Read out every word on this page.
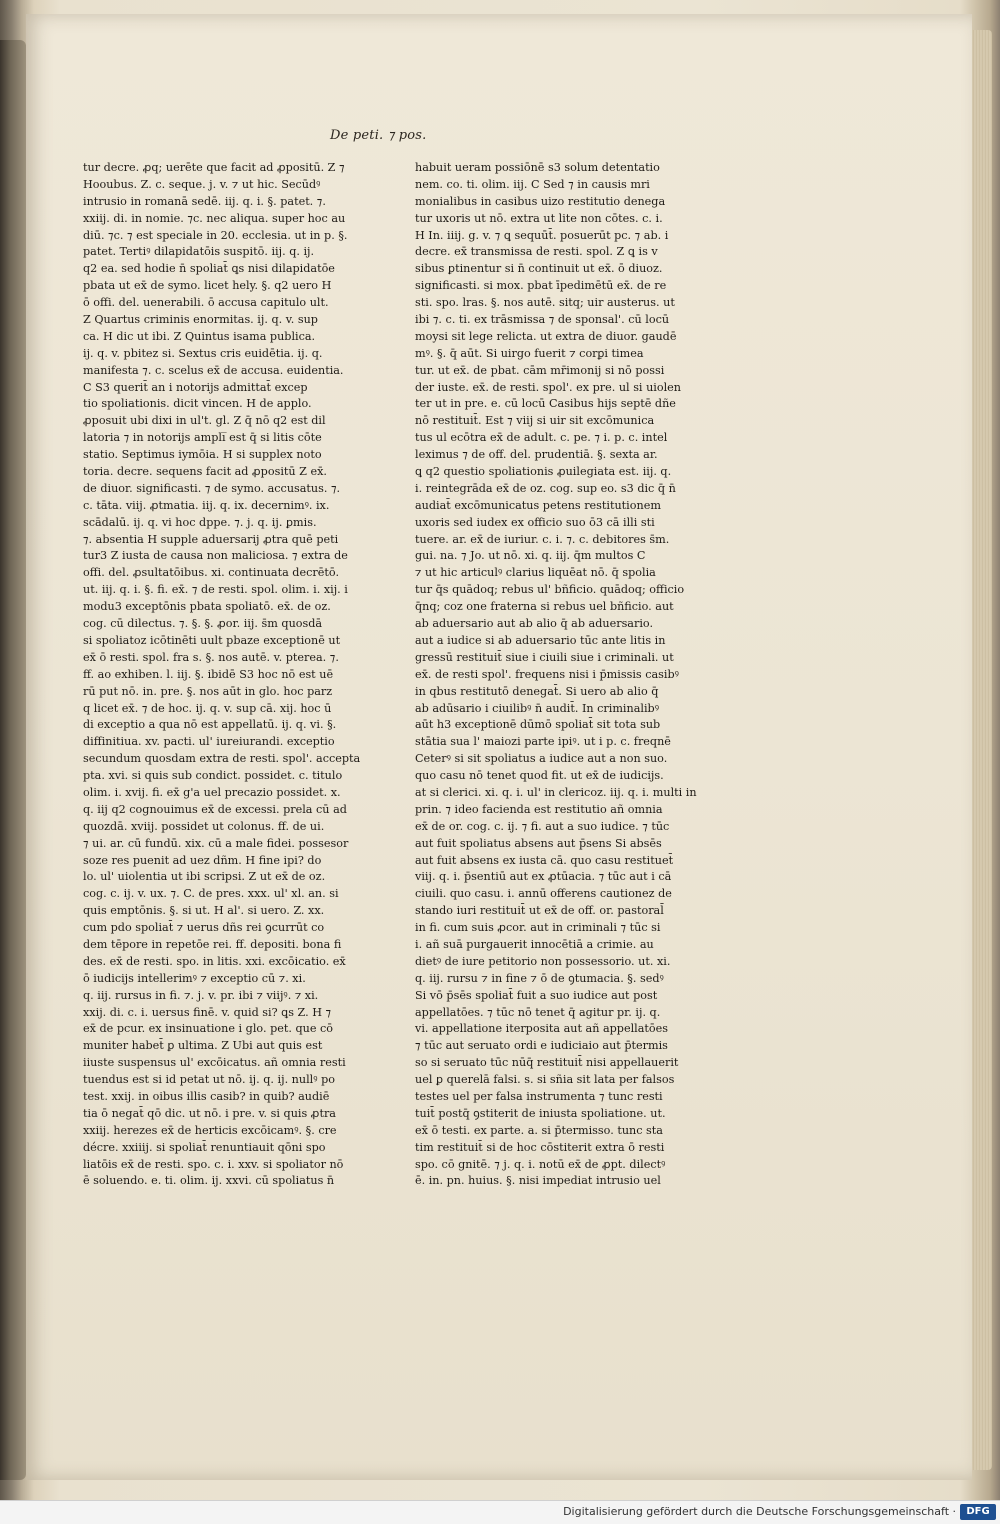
De peti. ⁊ pos.
tur decre. ꝓq; uerēte que facit ad ꝓpositū. Z ⁊
Hooubus. Z. c. seque. j. v. ⁊ ut hic. Secūdꝰ
intrusio in romanā sedē. iij. q. i. §. patet. ⁊.
xxiij. di. in nomie. ⁊c. nec aliqua. super hoc au
diū. ⁊c. ⁊ est speciale in 20. ecclesia. ut in p. §.
patet. Tertiꝰ dilapidatōis suspitō. iij. q. ij.
q2 ea. sed hodie n̄ spoliat̄ ꝗs nisi dilapidatōe
pbata ut ex̄ de symo. licet hely. §. q2 uero H
ō offi. del. uenerabili. ō accusa capitulo ult.
Z Quartus criminis enormitas. ij. q. v. sup
ca. H dic ut ibi. Z Quintus isama publica.
ij. q. v. pbitez si. Sextus cris euidētia. ij. q.
manifesta ⁊. c. scelus ex̄ de accusa. euidentia.
C S3 querit̄ an i notorijs admittat̄ excep
tio spoliationis. dicit vincen. H de applo.
ꝓposuit ubi dixi in ul't. gl. Z q̄ nō q2 est dil
latoria ⁊ in notorijs ampli̅ est q̄ si litis cōte
statio. Septimus iymōia. H si supplex noto
toria. decre. sequens facit ad ꝓpositū Z ex̄.
de diuor. significasti. ⁊ de symo. accusatus. ⁊.
c. tāta. viij. ꝓtmatia. iij. q. ix. decernimꝰ. ix.
scādalū. ij. q. vi hoc dppe. ⁊. j. q. ij. ꝑmis.
⁊. absentia H supple aduersarij ꝓtra quē peti
tur3 Z iusta de causa non maliciosa. ⁊ extra de
offi. del. ꝓsultatōibus. xi. continuata decrētō.
ut. iij. q. i. §. fi. ex̄. ⁊ de resti. spol. olim. i. xij. i
modu3 exceptōnis pbata spoliatō. ex̄. de oz.
cog. cū dilectus. ⁊. §. §. ꝓor. iij. s̄m quosdā
si spoliatoz icōtinēti uult pbaze exceptionē ut
ex̄ ō resti. spol. fra s. §. nos autē. v. pterea. ⁊.
ff. ao exhiben. l. iij. §. ibidē S3 hoc nō est uē
rū put nō. in. pre. §. nos aūt in glo. hoc parz
q licet ex̄. ⁊ de hoc. ij. q. v. sup cā. xij. hoc ū
di exceptio a qua nō est appellatū. ij. q. vi. §.
diffinitiua. xv. pacti. ul' iureiurandi. exceptio
secundum quosdam extra de resti. spol'. accepta
pta. xvi. si quis sub condict. possidet. c. titulo
olim. i. xvij. fi. ex̄ g'a uel precazio possidet. x.
q. iij q2 cognouimus ex̄ de excessi. prela cū ad
quozdā. xviij. possidet ut colonus. ff. de ui.
⁊ ui. ar. cū fundū. xix. cū a male fidei. possesor
soze res puenit ad uez dñm. H fine ipi? do
lo. ul' uiolentia ut ibi scripsi. Z ut ex̄ de oz.
cog. c. ij. v. ux. ⁊. C. de pres. xxx. ul' xl. an. si
quis emptōnis. §. si ut. H al'. si uero. Z. xx.
cum pdo spoliat̄ ⁊ uerus dñs rei ꝯcurrūt co
dem tēpore in repetōe rei. ff. depositi. bona fi
des. ex̄ de resti. spo. in litis. xxi. excōicatio. ex̄
ō iudicijs intellerimꝰ ⁊ exceptio cū ⁊. xi.
q. iij. rursus in fi. ⁊. j. v. pr. ibi ⁊ viijꝰ. ⁊ xi.
xxij. di. c. i. uersus finē. v. quid si? ꝗs Z. H ⁊
ex̄ de pcur. ex insinuatione i glo. pet. que cō
muniter habet̄ ꝑ ultima. Z Ubi aut quis est
iiuste suspensus ul' excōicatus. añ omnia resti
tuendus est si id petat ut nō. ij. q. ij. nullꝰ po
test. xxij. in oibus illis casib? in quib? audiē
tia ō negat̄ qō dic. ut nō. i pre. v. si quis ꝓtra
xxiij. herezes ex̄ de herticis excōicamꝰ. §. cre
décre. xxiiij. si spoliat̄ renuntiauit qōni spo
liatōis ex̄ de resti. spo. c. i. xxv. si spoliator nō
ē soluendo. e. ti. olim. ij. xxvi. cū spoliatus n̄
habuit ueram possiōnē s3 solum detentatio
nem. co. ti. olim. iij. C Sed ⁊ in causis mri
monialibus in casibus uizo restitutio denega
tur uxoris ut nō. extra ut lite non cōtes. c. i.
H In. iiij. g. v. ⁊ ꝗ sequūt̄. posuerūt pc. ⁊ ab. i
decre. ex̄ transmissa de resti. spol. Z ꝗ is v
sibus ꝑtinentur si n̄ continuit ut ex̄. ō diuoz.
significasti. si mox. pbat īpedimētū ex̄. de re
sti. spo. lras. §. nos autē. sitq; uir austerus. ut
ibi ⁊. c. ti. ex trāsmissa ⁊ de sponsal'. cū locū
moysi sit lege relicta. ut extra de diuor. gaudē
mꝰ. §. q̄ aūt. Si uirgo fuerit ⁊ corꝑi timea
tur. ut ex̄. de pbat. cām mr̄imonij si nō possi
der iuste. ex̄. de resti. spol'. ex pre. ul si uiolen
ter ut in pre. e. cū locū Casibus hijs septē dñe
nō restituit̄. Est ⁊ viij si uir sit excōmunica
tus ul ecōtra ex̄ de adult. c. pe. ⁊ i. p. c. intel
leximus ⁊ de off. del. prudentiā. §. sexta ar.
ꝗ q2 questio spoliationis ꝓuilegiata est. iij. q.
i. reintegrāda ex̄ de oz. cog. sup eo. s3 dic q̄ n̄
audiat̄ excōmunicatus petens restitutionem
uxoris sed iudex ex officio suo ō3 cā illi sti
tuere. ar. ex̄ de iuriur. c. i. ⁊. c. debitores s̄m.
gui. na. ⁊ Jo. ut nō. xi. q. iij. q̄m multos C
⁊ ut hic articulꝰ clarius liquēat nō. q̄ spolia
tur q̄s quādoq; rebus ul' bñficio. quādoq; officio
q̄nq; coz one fraterna si rebus uel bñficio. aut
ab aduersario aut ab alio q̄ ab aduersario.
aut a iudice si ab aduersario tūc ante litis in
gressū restituit̄ siue i ciuili siue i criminali. ut
ex̄. de resti spol'. frequens nisi i p̄missis casibꝰ
in qbus restitutō denegat̄. Si uero ab alio q̄
ab adūsario i ciuilibꝰ n̄ audit̄. In criminalibꝰ
aūt h3 exceptionē dūmō spoliat̄ sit tota sub
stātia sua l' maiozi parte ipiꝰ. ut i p. c. freqnē
Ceterꝰ si sit spoliatus a iudice aut a non suo.
quo casu nō tenet quod fit. ut ex̄ de iudicijs.
at si clerici. xi. q. i. ul' in clericoz. iij. q. i. multi in
prin. ⁊ ideo facienda est restitutio añ omnia
ex̄ de or. cog. c. ij. ⁊ fi. aut a suo iudice. ⁊ tūc
aut fuit spoliatus absens aut p̄sens Si absēs
aut fuit absens ex iusta cā. quo casu restituet̄
viij. q. i. p̄sentiū aut ex ꝓtūacia. ⁊ tūc aut i cā
ciuili. quo casu. i. annū offerens cautionez de
stando iuri restituit̄ ut ex̄ de off. or. pastoral̄
in fi. cum suis ꝓcor. aut in criminali ⁊ tūc si
i. añ suā purgauerit innocētiā a crimie. au
dietꝰ de iure petitorio non possessorio. ut. xi.
q. iij. rursu ⁊ in fine ⁊ ō de ꝯtumacia. §. sedꝰ
Si vō p̄sēs spoliat̄ fuit a suo iudice aut post
appellatōes. ⁊ tūc nō tenet q̄ agitur pr. ij. q.
vi. appellatione iterposita aut añ appellatōes
⁊ tūc aut seruato ordi e iudiciaio aut p̄termis
so si seruato tūc nūq̄ restituit̄ nisi appellauerit
uel ꝑ querelā falsi. s. si sñia sit lata per falsos
testes uel per falsa instrumenta ⁊ tunc resti
tuit̄ postq̄ ꝯstiterit de iniusta spoliatione. ut.
ex̄ ō testi. ex parte. a. si p̄termisso. tunc sta
tim restituit̄ si de hoc cōstiterit extra ō resti
spo. cō gnitē. ⁊ j. q. i. notū ex̄ de ꝓpt. dilectꝰ
ē. in. pn. huius. §. nisi impediat intrusio uel
Digitalisierung gefördert durch die Deutsche Forschungsgemeinschaft ·	DFG
